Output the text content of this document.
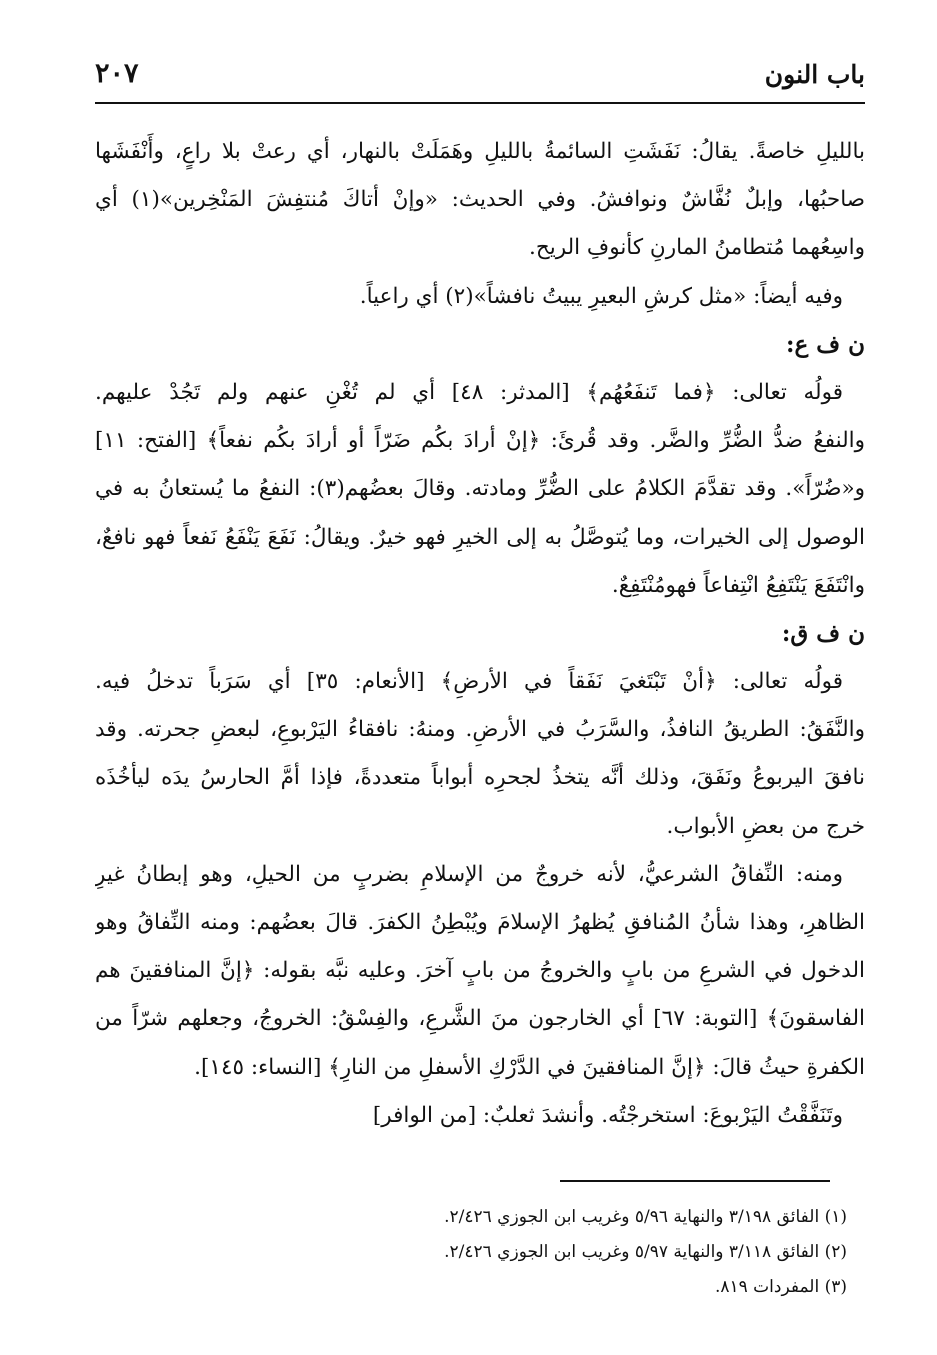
٢٠٧	باب النون
بالليلِ خاصةً. يقالُ: نَفَشَتِ السائمةُ بالليلِ وهَمَلَتْ بالنهار، أي رعتْ بلا راعٍ، وأَنْفَشَها
صاحبُها، وإبلٌ نُفَّاشٌ ونوافشُ. وفي الحديث: «وإنْ أتاكَ مُنتفِشَ المَنْخِرين»(١) أي
واسِعُهما مُتطامنُ المارنِ كأنوفِ الريح.
وفيه أيضاً: «مثل كرشِ البعيرِ يبيتُ نافشاً»(٢) أي راعياً.
ن ف ع:
قولُه تعالى: ﴿فما تَنفَعُهُم﴾ [المدثر: ٤٨] أي لم تُغْنِ عنهم ولم تَجُدْ عليهم.
والنفعُ ضدُّ الضُّرِّ والضَّر. وقد قُرئَ: ﴿إنْ أرادَ بكُم ضَرّاً أو أرادَ بكُم نفعاً﴾ [الفتح: ١١]
و«ضُرّاً». وقد تقدَّمَ الكلامُ على الضُّرِّ ومادته. وقالَ بعضُهم(٣): النفعُ ما يُستعانُ به في
الوصول إلى الخيرات، وما يُتوصَّلُ به إلى الخيرِ فهو خيرٌ. ويقالُ: نَفَعَ يَنْفَعُ نَفعاً فهو نافعٌ،
وانْتَفَعَ يَنْتَفِعُ انْتِفاعاً فهومُنْتَفِعٌ.
ن ف ق:
قولُه تعالى: ﴿أنْ تَبْتَغيَ نَفَقاً في الأرضِ﴾ [الأنعام: ٣٥] أي سَرَباً تدخلُ فيه.
والنَّفَقُ: الطريقُ النافذُ، والسَّرَبُ في الأرضِ. ومنهُ: نافقاءُ اليَرْبوعِ، لبعضِ جحرته. وقد
نافقَ اليربوعُ ونَفَقَ، وذلك أنَّه يتخذُ لجحرِه أبواباً متعددةً، فإذا أمَّ الحارسُ يدَه ليأخُذَه
خرج من بعضِ الأبواب.
ومنه: النِّفاقُ الشرعيُّ، لأنه خروجٌ من الإسلامِ بضربٍ من الحيلِ، وهو إبطانُ غيرِ
الظاهرِ، وهذا شأنُ المُنافقِ يُظهرُ الإسلامَ ويُبْطِنُ الكفرَ. قالَ بعضُهم: ومنه النِّفاقُ وهو
الدخول في الشرعِ من بابٍ والخروجُ من بابٍ آخرَ. وعليه نبَّه بقوله: ﴿إنَّ المنافقينَ هم
الفاسقونَ﴾ [التوبة: ٦٧] أي الخارجون منَ الشَّرعِ، والفِسْقُ: الخروجُ، وجعلهم شرّاً من
الكفرةِ حيثُ قالَ: ﴿إنَّ المنافقينَ في الدَّرْكِ الأسفلِ من النارِ﴾ [النساء: ١٤٥].
وتَنَفَّقْتُ اليَرْبوعَ: استخرجْتُه. وأنشدَ ثعلبٌ: [من الوافر]
(١) الفائق ٣/١٩٨ والنهاية ٥/٩٦ وغريب ابن الجوزي ٢/٤٢٦.
(٢) الفائق ٣/١١٨ والنهاية ٥/٩٧ وغريب ابن الجوزي ٢/٤٢٦.
(٣) المفردات ٨١٩.
